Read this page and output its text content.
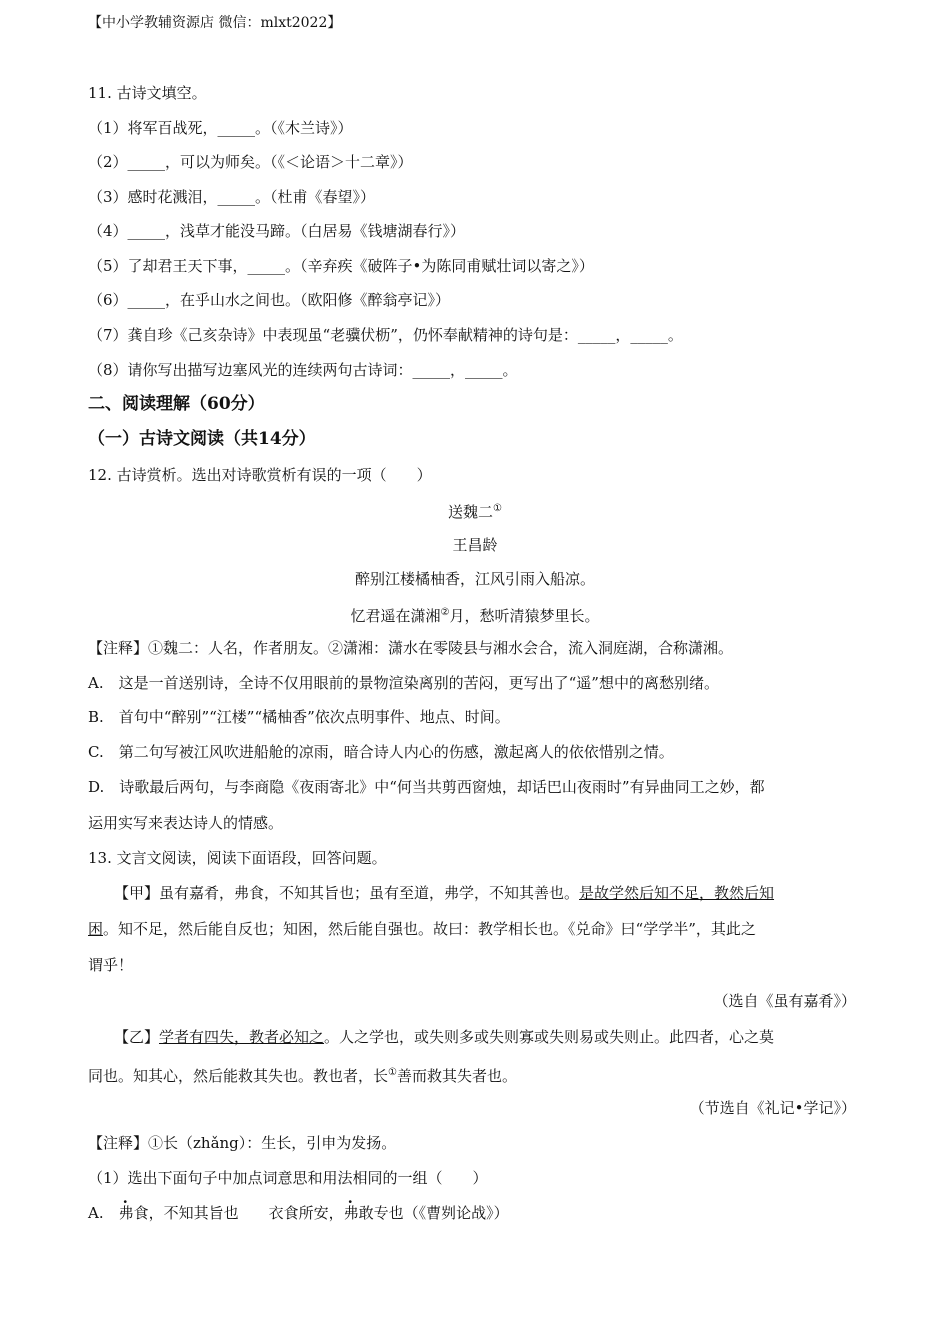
【中小学教辅资源店 微信：mlxt2022】
11. 古诗文填空。
（1）将军百战死，_____。（《木兰诗》）
（2）_____，可以为师矣。（《＜论语＞十二章》）
（3）感时花溅泪，_____。（杜甫《春望》）
（4）_____，浅草才能没马蹄。（白居易《钱塘湖春行》）
（5）了却君王天下事，_____。（辛弃疾《破阵子•为陈同甫赋壮词以寄之》）
（6）_____，在乎山水之间也。（欧阳修《醉翁亭记》）
（7）龚自珍《己亥杂诗》中表现虽“老骥伏枥”，仍怀奉献精神的诗句是：_____，_____。
（8）请你写出描写边塞风光的连续两句古诗词：_____，_____。
二、阅读理解（60分）
（一）古诗文阅读（共14分）
12. 古诗赏析。选出对诗歌赏析有误的一项（　　）
送魏二①
王昌龄
醉别江楼橘柚香，江风引雨入船凉。
忆君遥在潇湘②月，愁听清猿梦里长。
【注释】①魏二：人名，作者朋友。②潇湘：潇水在零陵县与湘水会合，流入洞庭湖，合称潇湘。
A.　这是一首送别诗，全诗不仅用眼前的景物渲染离别的苦闷，更写出了“遥”想中的离愁别绪。
B.　首句中“醉别”“江楼”“橘柚香”依次点明事件、地点、时间。
C.　第二句写被江风吹进船舱的凉雨，暗合诗人内心的伤感，激起离人的依依惜别之情。
D.　诗歌最后两句，与李商隐《夜雨寄北》中“何当共剪西窗烛，却话巴山夜雨时”有异曲同工之妙，都
运用实写来表达诗人的情感。
13. 文言文阅读，阅读下面语段，回答问题。
【甲】虽有嘉肴，弗食，不知其旨也；虽有至道，弗学，不知其善也。是故学然后知不足，教然后知
困。知不足，然后能自反也；知困，然后能自强也。故曰：教学相长也。《兑命》曰“学学半”，其此之
谓乎！
（选自《虽有嘉肴》）
【乙】学者有四失，教者必知之。人之学也，或失则多或失则寡或失则易或失则止。此四者，心之莫
同也。知其心，然后能救其失也。教也者，长①善而救其失者也。
（节选自《礼记•学记》）
【注释】①长（zhǎng）：生长，引申为发扬。
（1）选出下面句子中加点词意思和用法相同的一组（　　）
A.　弗食，不知其旨也　　衣食所安，弗敢专也（《曹刿论战》）
